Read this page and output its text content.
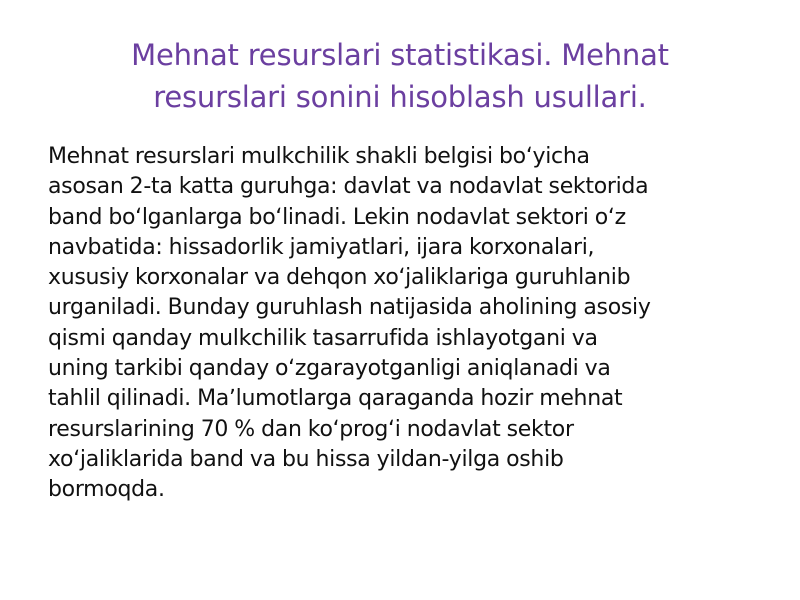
Mehnat resurslari statistikasi. Mehnat
resurslari sonini hisoblash usullari.
Mehnat resurslari mulkchilik shakli belgisi boʻyicha
asosan 2-ta katta guruhga: davlat va nodavlat sektorida
band boʻlganlarga boʻlinadi. Lekin nodavlat sektori oʻz
navbatida: hissadorlik jamiyatlari, ijara korxonalari,
xususiy korxonalar va dehqon xoʻjaliklariga guruhlanib
urganiladi. Bunday guruhlash natijasida aholining asosiy
qismi qanday mulkchilik tasarrufida ishlayotgani va
uning tarkibi qanday oʻzgarayotganligi aniqlanadi va
tahlil qilinadi. Maʼlumotlarga qaraganda hozir mehnat
resurslarining 70 % dan koʻprogʻi nodavlat sektor
xoʻjaliklarida band va bu hissa yildan-yilga oshib
bormoqda.
